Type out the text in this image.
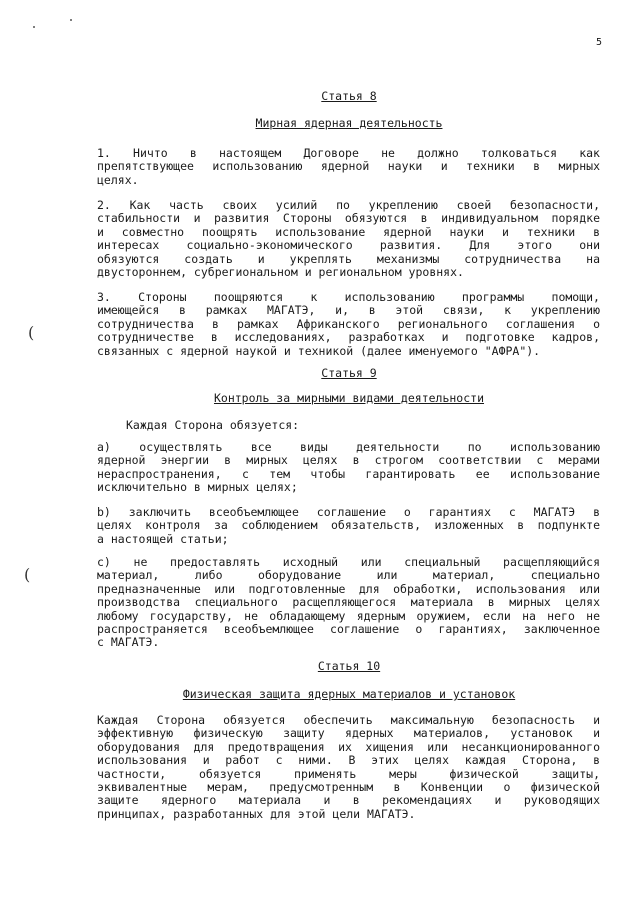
5
(
(
Статья 8
Мирная ядерная деятельность
1. Ничто в настоящем Договоре не должно толковаться как
препятствующее использованию ядерной науки и техники в мирных
целях.
2. Как часть своих усилий по укреплению своей безопасности,
стабильности и развития Стороны обязуются в индивидуальном порядке
и совместно поощрять использование ядерной науки и техники в
интересах социально-экономического развития. Для этого они
обязуются создать и укреплять механизмы сотрудничества на
двустороннем, субрегиональном и региональном уровнях.
3. Стороны поощряются к использованию программы помощи,
имеющейся в рамках МАГАТЭ, и, в этой связи, к укреплению
сотрудничества в рамках Африканского регионального соглашения о
сотрудничестве в исследованиях, разработках и подготовке кадров,
связанных с ядерной наукой и техникой (далее именуемого "АФРА").
Статья 9
Контроль за мирными видами деятельности
Каждая Сторона обязуется:
а) осуществлять все виды деятельности по использованию
ядерной энергии в мирных целях в строгом соответствии с мерами
нераспространения, с тем чтобы гарантировать ее использование
исключительно в мирных целях;
b) заключить всеобъемлющее соглашение о гарантиях с МАГАТЭ в
целях контроля за соблюдением обязательств, изложенных в подпункте
а настоящей статьи;
c) не предоставлять исходный или специальный расщепляющийся
материал, либо оборудование или материал, специально
предназначенные или подготовленные для обработки, использования или
производства специального расщепляющегося материала в мирных целях
любому государству, не обладающему ядерным оружием, если на него не
распространяется всеобъемлющее соглашение о гарантиях, заключенное
с МАГАТЭ.
Статья 10
Физическая защита ядерных материалов и установок
Каждая Сторона обязуется обеспечить максимальную безопасность и
эффективную физическую защиту ядерных материалов, установок и
оборудования для предотвращения их хищения или несанкционированного
использования и работ с ними. В этих целях каждая Сторона, в
частности, обязуется применять меры физической защиты,
эквивалентные мерам, предусмотренным в Конвенции о физической
защите ядерного материала и в рекомендациях и руководящих
принципах, разработанных для этой цели МАГАТЭ.
